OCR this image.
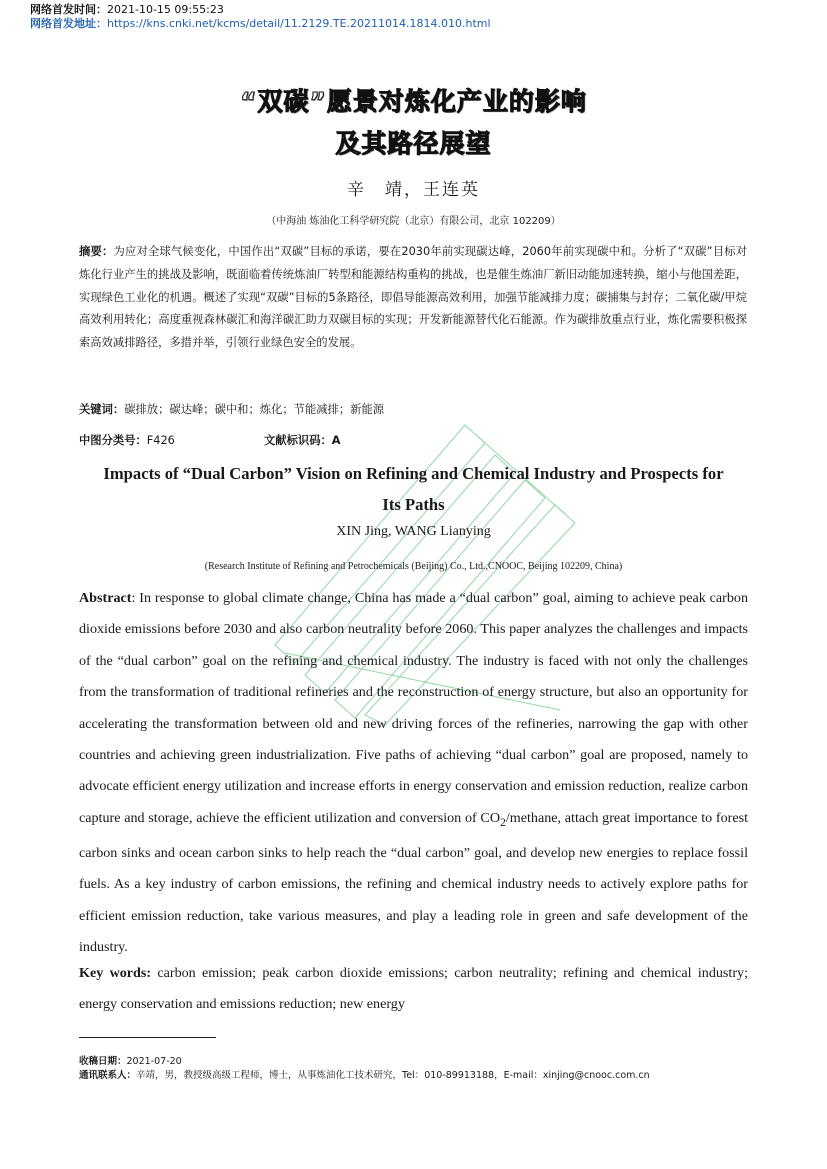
网络首发时间：2021-10-15 09:55:23
网络首发地址：https://kns.cnki.net/kcms/detail/11.2129.TE.20211014.1814.010.html
“双碳”愿景对炼化产业的影响
及其路径展望
辛　靖，王连英
（中海油 炼油化工科学研究院（北京）有限公司，北京 102209）
摘要：为应对全球气候变化，中国作出“双碳”目标的承诺，要在2030年前实现碳达峰，2060年前实现碳中和。分析了“双碳”目标对炼化行业产生的挑战及影响，既面临着传统炼油厂转型和能源结构重构的挑战，也是催生炼油厂新旧动能加速转换，缩小与他国差距，实现绿色工业化的机遇。概述了实现“双碳”目标的5条路径，即倡导能源高效利用，加强节能减排力度；碳捕集与封存；二氧化碳/甲烷高效利用转化；高度重视森林碳汇和海洋碳汇助力双碳目标的实现；开发新能源替代化石能源。作为碳排放重点行业，炼化需要积极探索高效减排路径，多措并举，引领行业绿色安全的发展。
关键词：碳排放；碳达峰；碳中和；炼化；节能减排；新能源
中图分类号：F426	文献标识码：A
Impacts of “Dual Carbon” Vision on Refining and Chemical Industry and Prospects for
Its Paths
XIN Jing, WANG Lianying
(Research Institute of Refining and Petrochemicals (Beijing) Co., Ltd.,CNOOC, Beijing 102209, China)
Abstract: In response to global climate change, China has made a “dual carbon” goal, aiming to achieve peak carbon dioxide emissions before 2030 and also carbon neutrality before 2060. This paper analyzes the challenges and impacts of the “dual carbon” goal on the refining and chemical industry. The industry is faced with not only the challenges from the transformation of traditional refineries and the reconstruction of energy structure, but also an opportunity for accelerating the transformation between old and new driving forces of the refineries, narrowing the gap with other countries and achieving green industrialization. Five paths of achieving “dual carbon” goal are proposed, namely to advocate efficient energy utilization and increase efforts in energy conservation and emission reduction, realize carbon capture and storage, achieve the efficient utilization and conversion of $CO_2$/methane, attach great importance to forest carbon sinks and ocean carbon sinks to help reach the “dual carbon” goal, and develop new energies to replace fossil fuels. As a key industry of carbon emissions, the refining and chemical industry needs to actively explore paths for efficient emission reduction, take various measures, and play a leading role in green and safe development of the industry.
Key words: carbon emission; peak carbon dioxide emissions; carbon neutrality; refining and chemical industry; energy conservation and emissions reduction; new energy
收稿日期：2021-07-20
通讯联系人：辛靖，男，教授级高级工程师，博士，从事炼油化工技术研究，Tel：010-89913188，E-mail：xinjing@cnooc.com.cn
